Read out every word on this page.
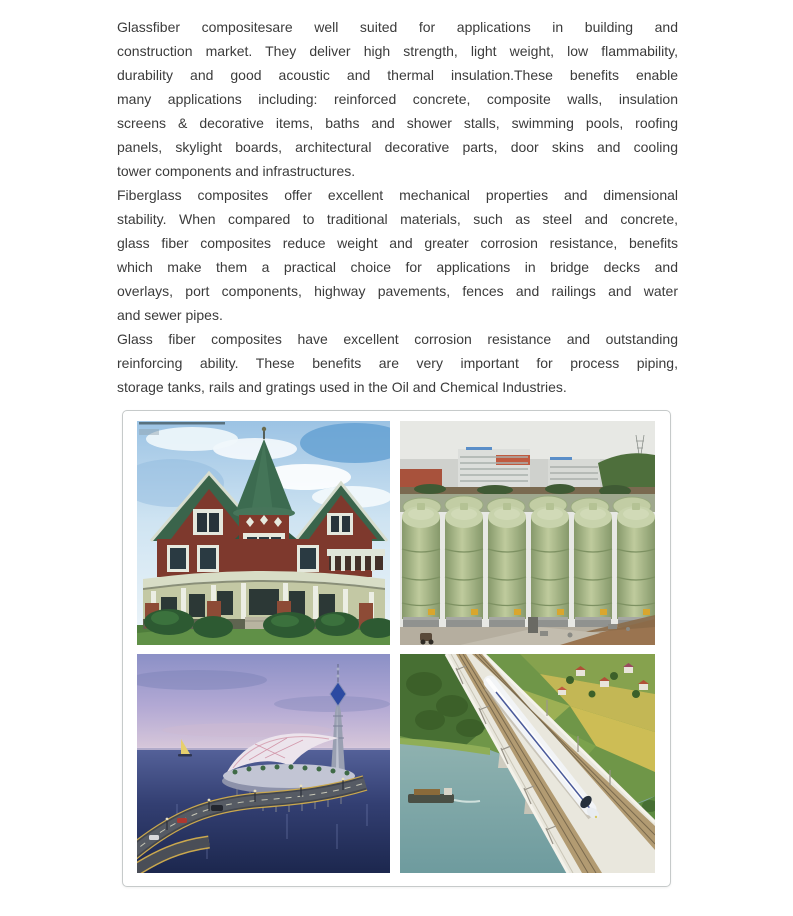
Glassfiber compositesare well suited for applications in building and
construction market. They deliver high strength, light weight, low flammability,
durability and good acoustic and thermal insulation.These benefits enable
many applications including: reinforced concrete, composite walls, insulation
screens & decorative items, baths and shower stalls, swimming pools, roofing
panels, skylight boards, architectural decorative parts, door skins and cooling
tower components and infrastructures.
Fiberglass composites offer excellent mechanical properties and dimensional
stability. When compared to traditional materials, such as steel and concrete,
glass fiber composites reduce weight and greater corrosion resistance, benefits
which make them a practical choice for applications in bridge decks and
overlays, port components, highway pavements, fences and railings and water
and sewer pipes.
Glass fiber composites have excellent corrosion resistance and outstanding
reinforcing ability. These benefits are very important for process piping,
storage tanks, rails and gratings used in the Oil and Chemical Industries.
